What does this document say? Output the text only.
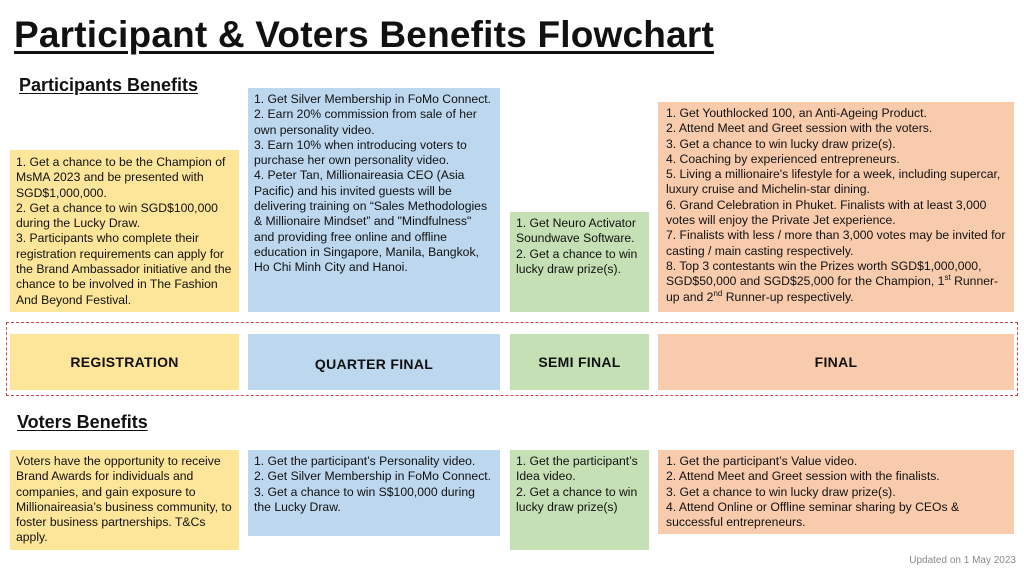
Participant & Voters Benefits Flowchart
Participants Benefits

1. Get a chance to be the Champion of MsMA 2023 and be presented with SGD$1,000,000.

2. Get a chance to win SGD$100,000 during the Lucky Draw.

3. Participants who complete their registration requirements can apply for the Brand Ambassador initiative and the chance to be involved in The Fashion And Beyond Festival.

1. Get Silver Membership in FoMo Connect.

2. Earn 20% commission from sale of her own personality video.

3. Earn 10% when introducing voters to purchase her own personality video.

4. Peter Tan, Millionaireasia CEO (Asia Pacific) and his invited guests will be delivering training on “Sales Methodologies & Millionaire Mindset” and "Mindfulness" and providing free online and offline education in Singapore, Manila, Bangkok, Ho Chi Minh City and Hanoi.

1. Get Neuro Activator Soundwave Software.

2. Get a chance to win lucky draw prize(s).

1. Get Youthlocked 100, an Anti-Ageing Product.

2. Attend Meet and Greet session with the voters.

3. Get a chance to win lucky draw prize(s).

4. Coaching by experienced entrepreneurs.

5. Living a millionaire's lifestyle for a week, including supercar, luxury cruise and Michelin-star dining.

6. Grand Celebration in Phuket. Finalists with at least 3,000 votes will enjoy the Private Jet experience.

7. Finalists with less / more than 3,000 votes may be invited for casting / main casting respectively.

8. Top 3 contestants win the Prizes worth SGD$1,000,000, SGD$50,000 and SGD$25,000 for the Champion, 1st Runner-up and 2nd Runner-up respectively.

REGISTRATION	QUARTER FINAL	SEMI FINAL	FINAL
Voters Benefits

Voters have the opportunity to receive Brand Awards for individuals and companies, and gain exposure to Millionaireasia’s business community, to foster business partnerships. T&Cs apply.

1. Get the participant’s Personality video.

2. Get Silver Membership in FoMo Connect.

3. Get a chance to win S$100,000 during the Lucky Draw.

1. Get the participant’s Idea video.

2. Get a chance to win lucky draw prize(s)

1. Get the participant’s Value video.

2. Attend Meet and Greet session with the finalists.

3. Get a chance to win lucky draw prize(s).

4. Attend Online or Offline seminar sharing by CEOs & successful entrepreneurs.

Updated on 1 May 2023
